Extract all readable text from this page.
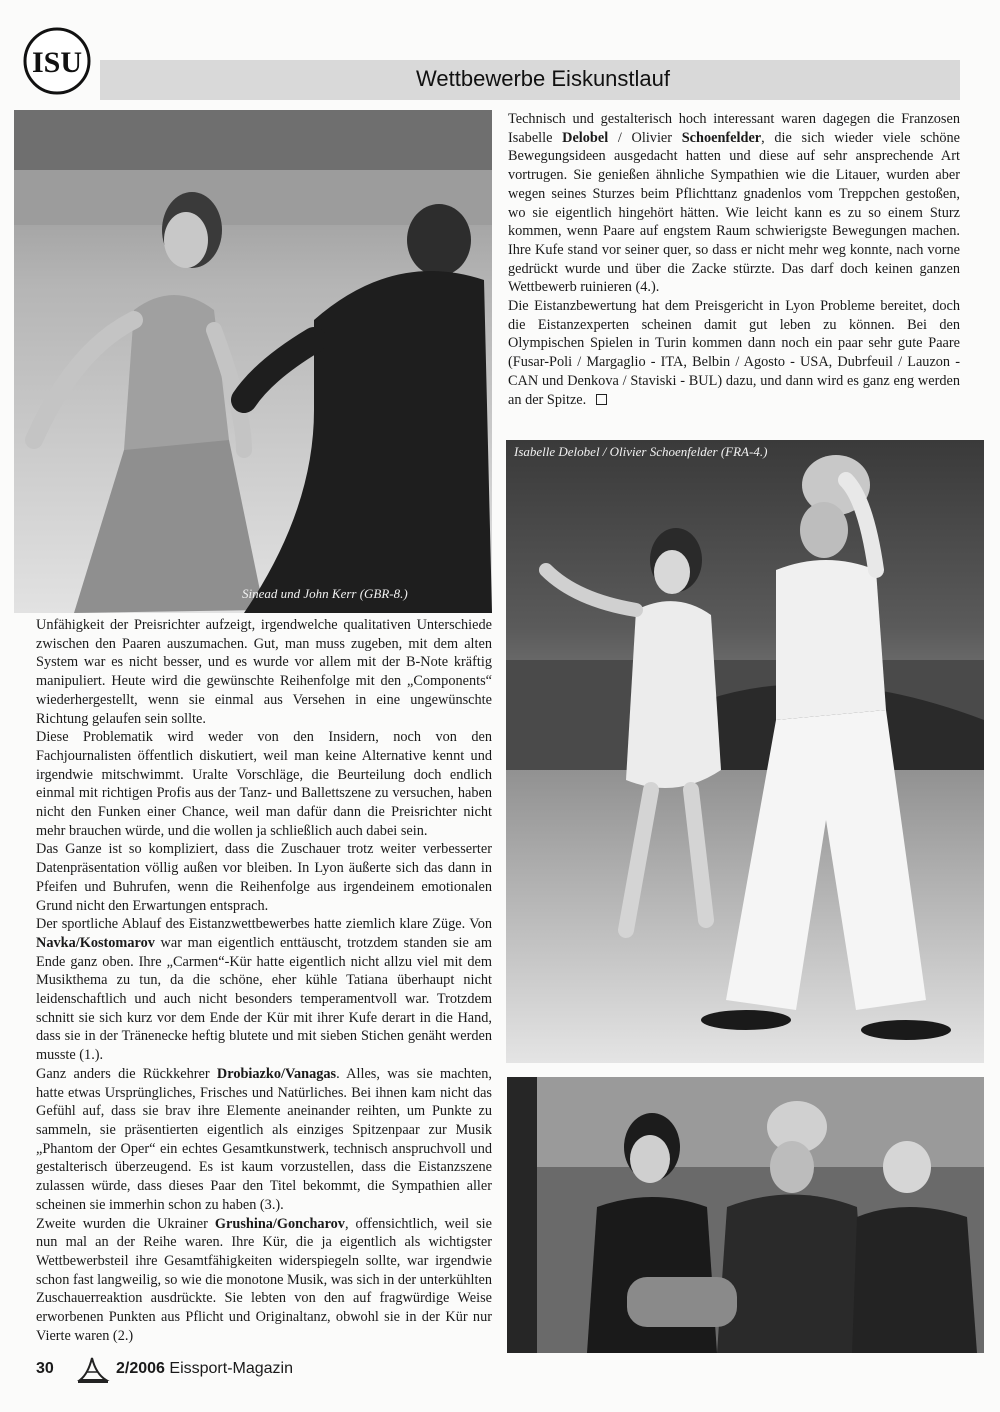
ISU	Wettbewerbe Eiskunstlauf
Sinead und John Kerr (GBR-8.)

Technisch und gestalterisch hoch interessant waren dagegen die Franzosen Isabelle Delobel / Olivier Schoenfelder, die sich wieder viele schöne Bewegungsideen ausgedacht hatten und diese auf sehr ansprechende Art vortrugen. Sie genießen ähnliche Sympathien wie die Litauer, wurden aber wegen seines Sturzes beim Pflichttanz gnadenlos vom Treppchen gestoßen, wo sie eigentlich hingehört hätten. Wie leicht kann es zu so einem Sturz kommen, wenn Paare auf engstem Raum schwierigste Bewegungen machen. Ihre Kufe stand vor seiner quer, so dass er nicht mehr weg konnte, nach vorne gedrückt wurde und über die Zacke stürzte. Das darf doch keinen ganzen Wettbewerb ruinieren (4.).

Die Eistanzbewertung hat dem Preisgericht in Lyon Probleme bereitet, doch die Eistanzexperten scheinen damit gut leben zu können. Bei den Olympischen Spielen in Turin kommen dann noch ein paar sehr gute Paare (Fusar-Poli / Margaglio - ITA, Belbin / Agosto - USA, Dubrfeuil / Lauzon - CAN und Denkova / Staviski - BUL) dazu, und dann wird es ganz eng werden an der Spitze.

Isabelle Delobel / Olivier Schoenfelder (FRA-4.)

Unfähigkeit der Preisrichter aufzeigt, irgendwelche qualitativen Unterschiede zwischen den Paaren auszumachen. Gut, man muss zugeben, mit dem alten System war es nicht besser, und es wurde vor allem mit der B-Note kräftig manipuliert. Heute wird die gewünschte Reihenfolge mit den „Components“ wiederhergestellt, wenn sie einmal aus Versehen in eine ungewünschte Richtung gelaufen sein sollte.

Diese Problematik wird weder von den Insidern, noch von den Fachjournalisten öffentlich diskutiert, weil man keine Alternative kennt und irgendwie mitschwimmt. Uralte Vorschläge, die Beurteilung doch endlich einmal mit richtigen Profis aus der Tanz- und Ballettszene zu versuchen, haben nicht den Funken einer Chance, weil man dafür dann die Preisrichter nicht mehr brauchen würde, und die wollen ja schließlich auch dabei sein.

Das Ganze ist so kompliziert, dass die Zuschauer trotz weiter verbesserter Datenpräsentation völlig außen vor bleiben. In Lyon äußerte sich das dann in Pfeifen und Buhrufen, wenn die Reihenfolge aus irgendeinem emotionalen Grund nicht den Erwartungen entsprach.

Der sportliche Ablauf des Eistanzwettbewerbes hatte ziemlich klare Züge. Von Navka/Kostomarov war man eigentlich enttäuscht, trotzdem standen sie am Ende ganz oben. Ihre „Carmen“-Kür hatte eigentlich nicht allzu viel mit dem Musikthema zu tun, da die schöne, eher kühle Tatiana überhaupt nicht leidenschaftlich und auch nicht besonders temperamentvoll war. Trotzdem schnitt sie sich kurz vor dem Ende der Kür mit ihrer Kufe derart in die Hand, dass sie in der Tränenecke heftig blutete und mit sieben Stichen genäht werden musste (1.).

Ganz anders die Rückkehrer Drobiazko/Vanagas. Alles, was sie machten, hatte etwas Ursprüngliches, Frisches und Natürliches. Bei ihnen kam nicht das Gefühl auf, dass sie brav ihre Elemente aneinander reihten, um Punkte zu sammeln, sie präsentierten eigentlich als einziges Spitzenpaar zur Musik „Phantom der Oper“ ein echtes Gesamtkunstwerk, technisch anspruchvoll und gestalterisch überzeugend. Es ist kaum vorzustellen, dass die Eistanzszene zulassen würde, dass dieses Paar den Titel bekommt, die Sympathien aller scheinen sie immerhin schon zu haben (3.).

Zweite wurden die Ukrainer Grushina/Goncharov, offensichtlich, weil sie nun mal an der Reihe waren. Ihre Kür, die ja eigentlich als wichtigster Wettbewerbsteil ihre Gesamtfähigkeiten widerspiegeln sollte, war irgendwie schon fast langweilig, so wie die monotone Musik, was sich in der unterkühlten Zuschauerreaktion ausdrückte. Sie lebten von den auf fragwürdige Weise erworbenen Punkten aus Pflicht und Originaltanz, obwohl sie in der Kür nur Vierte waren (2.)

30	2/2006 Eissport-Magazin
